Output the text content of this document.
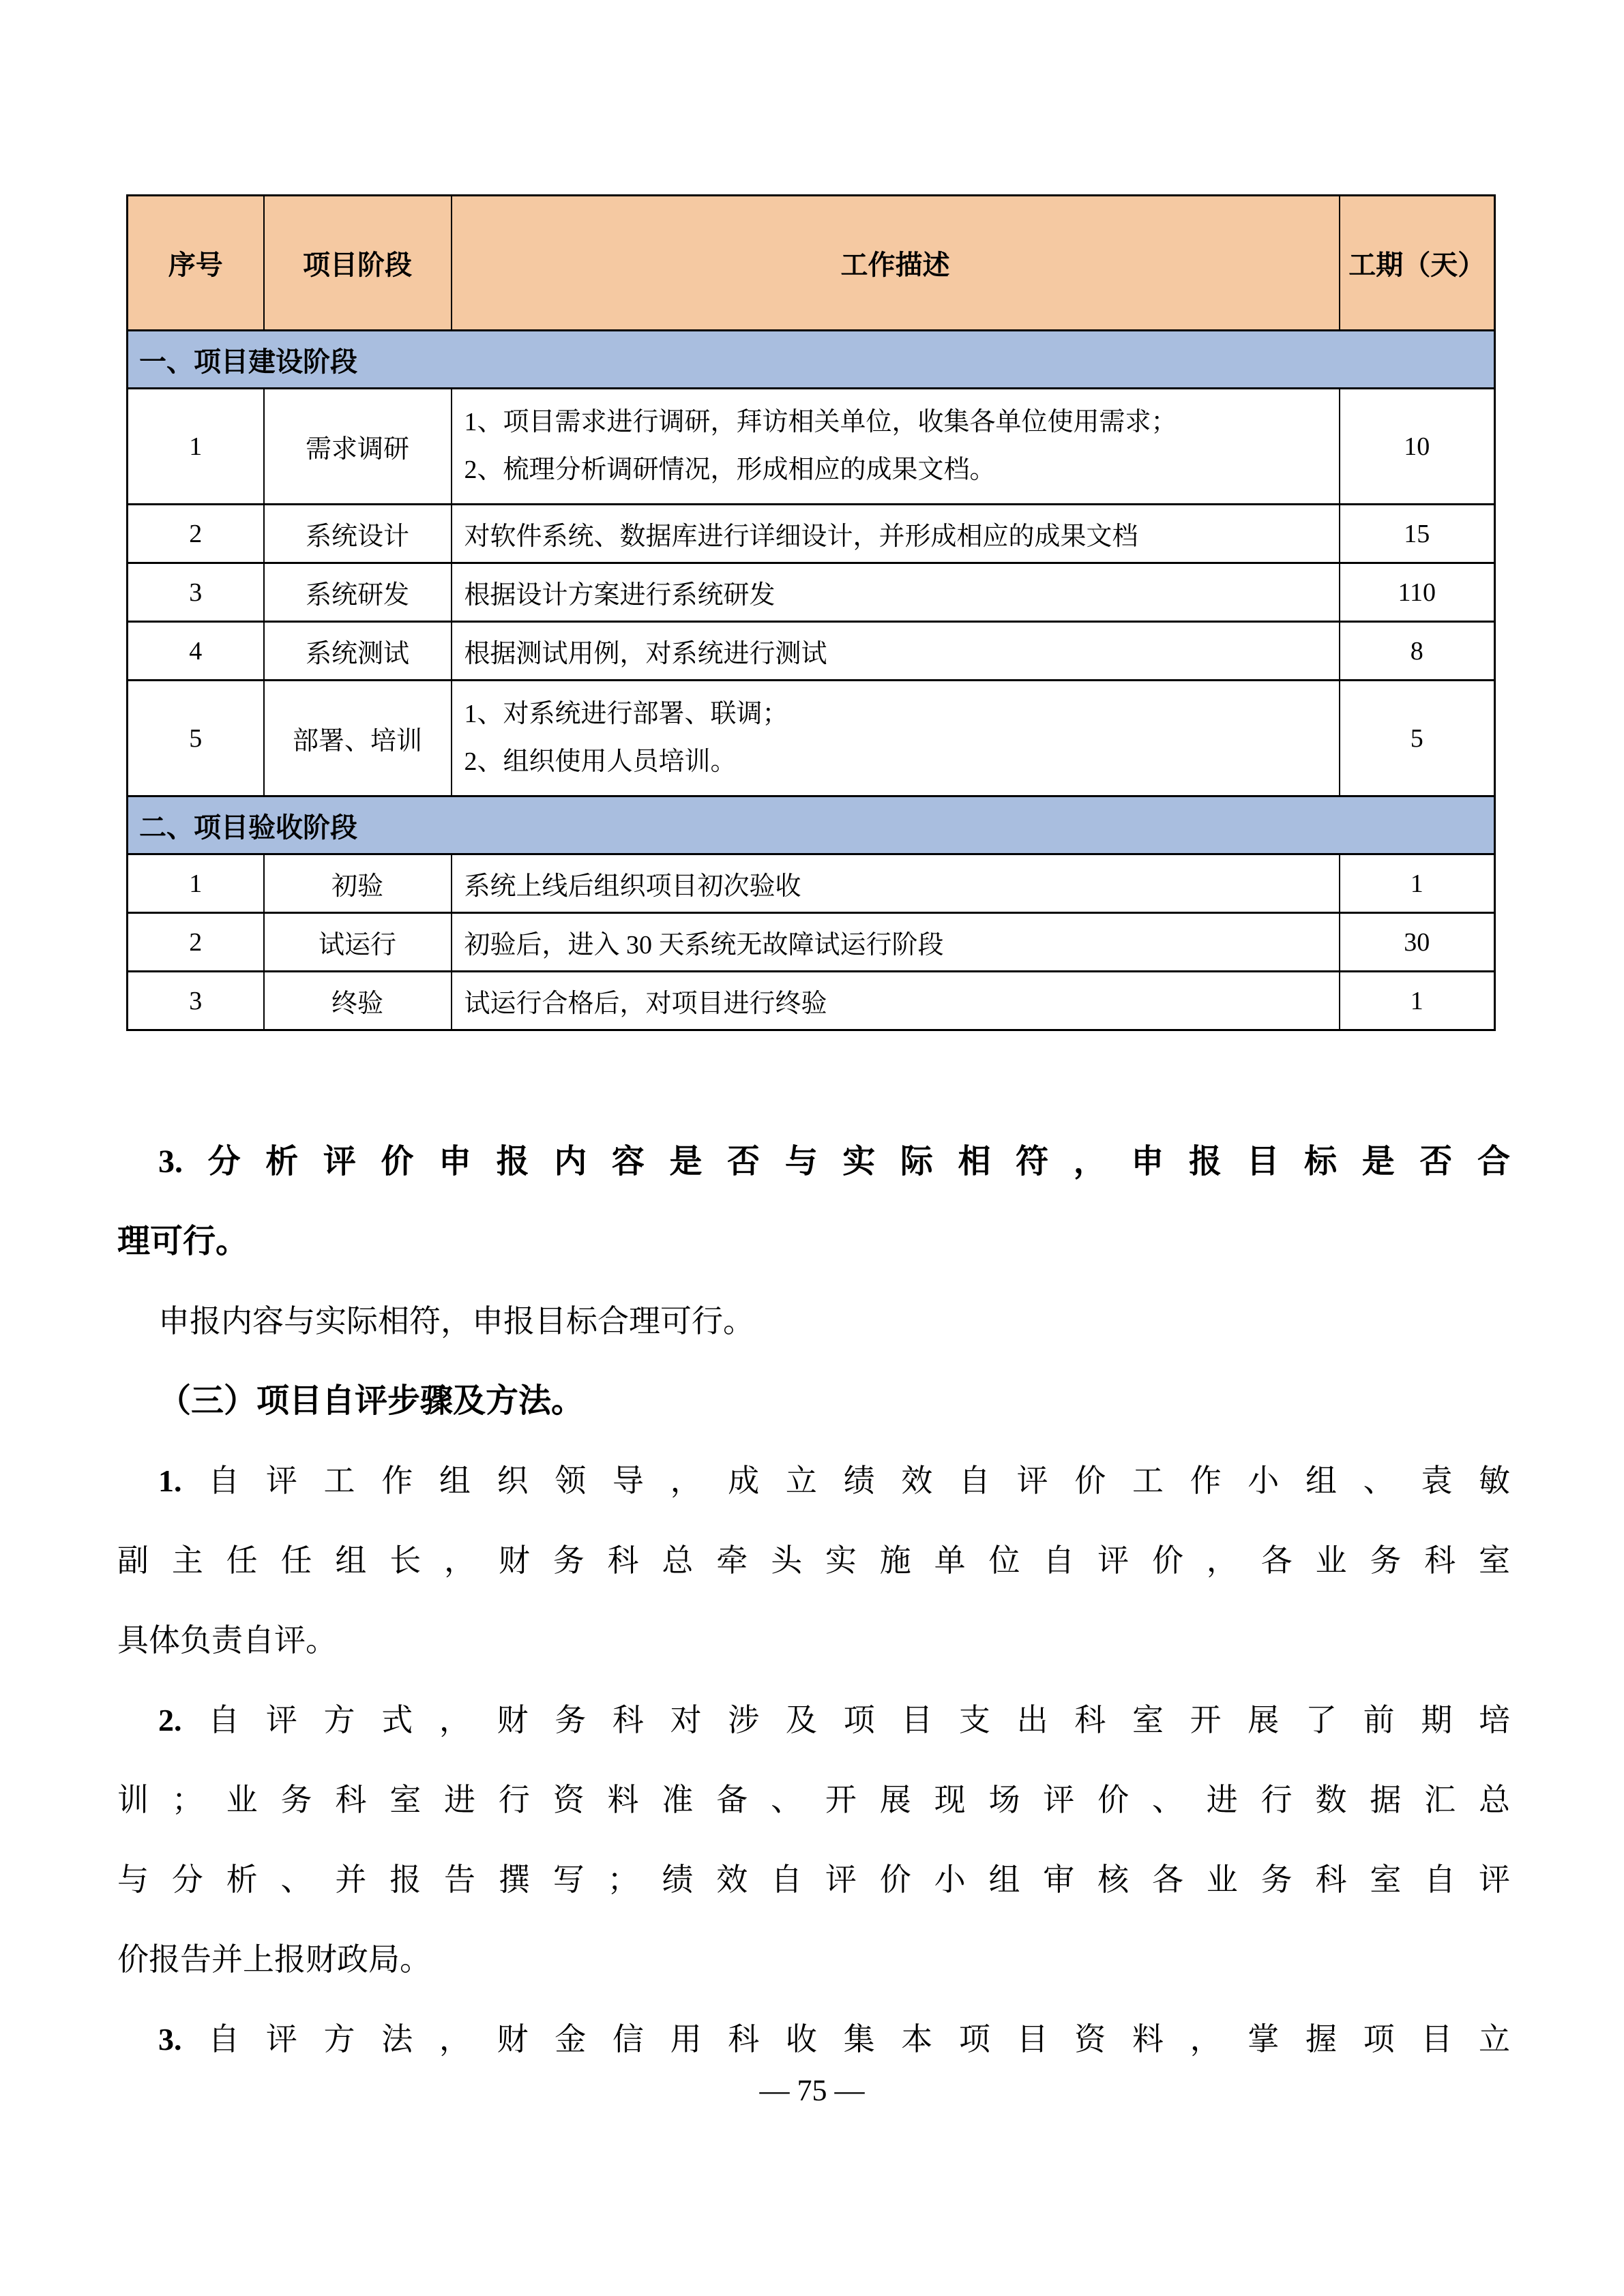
序号	项目阶段	工作描述	工期（天）
一、项目建设阶段			
1	需求调研	1、项目需求进行调研，拜访相关单位，收集各单位使用需求；
2、梳理分析调研情况，形成相应的成果文档。	10
2	系统设计	对软件系统、数据库进行详细设计，并形成相应的成果文档	15
3	系统研发	根据设计方案进行系统研发	110
4	系统测试	根据测试用例，对系统进行测试	8
5	部署、培训	1、对系统进行部署、联调；
2、组织使用人员培训。	5
二、项目验收阶段			
1	初验	系统上线后组织项目初次验收	1
2	试运行	初验后，进入 30 天系统无故障试运行阶段	30
3	终验	试运行合格后，对项目进行终验	1
3.分析评价申报内容是否与实际相符，申报目标是否合
理可行。
申报内容与实际相符，申报目标合理可行。
（三）项目自评步骤及方法。
1.自评工作组织领导，成立绩效自评价工作小组、袁敏
副主任任组长，财务科总牵头实施单位自评价，各业务科室
具体负责自评。
2.自评方式，财务科对涉及项目支出科室开展了前期培
训；业务科室进行资料准备、开展现场评价、进行数据汇总
与分析、并报告撰写；绩效自评价小组审核各业务科室自评
价报告并上报财政局。
3.自评方法，财金信用科收集本项目资料，掌握项目立
— 75 —
